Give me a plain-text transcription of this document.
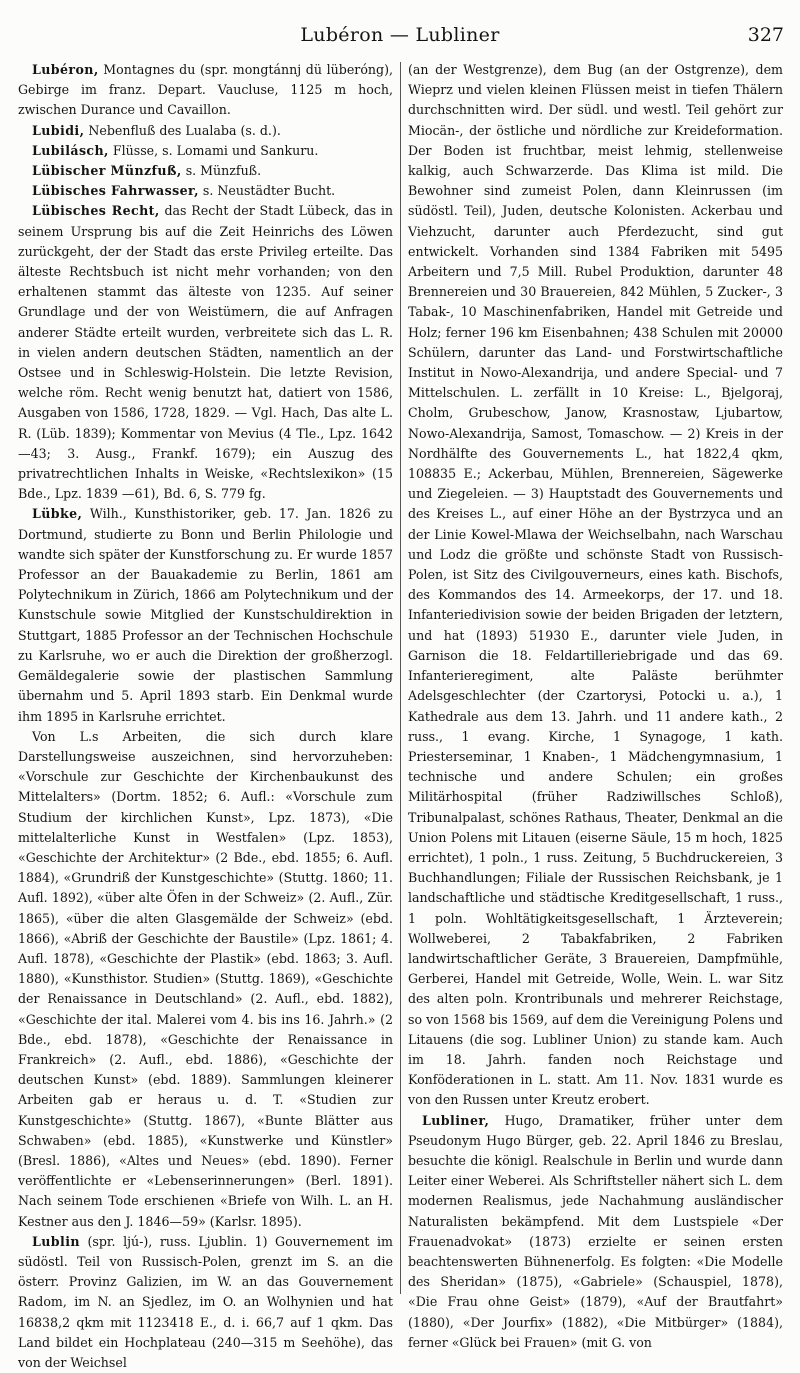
Lubéron — Lubliner	327

Lubéron, Montagnes du (spr. mongtánnj dü lüberóng), Gebirge im franz. Depart. Vaucluse, 1125 m hoch, zwischen Durance und Cavaillon.

Lubidi, Nebenfluß des Lualaba (s. d.).

Lubilásch, Flüsse, s. Lomami und Sankuru.

Lübischer Münzfuß, s. Münzfuß.

Lübisches Fahrwasser, s. Neustädter Bucht.

Lübisches Recht, das Recht der Stadt Lübeck, das in seinem Ursprung bis auf die Zeit Heinrichs des Löwen zurückgeht, der der Stadt das erste Privileg erteilte. Das älteste Rechtsbuch ist nicht mehr vorhanden; von den erhaltenen stammt das älteste von 1235. Auf seiner Grundlage und der von Weistümern, die auf Anfragen anderer Städte erteilt wurden, verbreitete sich das L. R. in vielen andern deutschen Städten, namentlich an der Ostsee und in Schleswig-Holstein. Die letzte Revision, welche röm. Recht wenig benutzt hat, datiert von 1586, Ausgaben von 1586, 1728, 1829. — Vgl. Hach, Das alte L. R. (Lüb. 1839); Kommentar von Mevius (4 Tle., Lpz. 1642—43; 3. Ausg., Frankf. 1679); ein Auszug des privatrechtlichen Inhalts in Weiske, «Rechtslexikon» (15 Bde., Lpz. 1839 —61), Bd. 6, S. 779 fg.

Lübke, Wilh., Kunsthistoriker, geb. 17. Jan. 1826 zu Dortmund, studierte zu Bonn und Berlin Philologie und wandte sich später der Kunstforschung zu. Er wurde 1857 Professor an der Bauakademie zu Berlin, 1861 am Polytechnikum in Zürich, 1866 am Polytechnikum und der Kunstschule sowie Mitglied der Kunstschuldirektion in Stuttgart, 1885 Professor an der Technischen Hochschule zu Karlsruhe, wo er auch die Direktion der großherzogl. Gemäldegalerie sowie der plastischen Sammlung übernahm und 5. April 1893 starb. Ein Denkmal wurde ihm 1895 in Karlsruhe errichtet.

Von L.s Arbeiten, die sich durch klare Darstellungsweise auszeichnen, sind hervorzuheben: «Vorschule zur Geschichte der Kirchenbaukunst des Mittelalters» (Dortm. 1852; 6. Aufl.: «Vorschule zum Studium der kirchlichen Kunst», Lpz. 1873), «Die mittelalterliche Kunst in Westfalen» (Lpz. 1853), «Geschichte der Architektur» (2 Bde., ebd. 1855; 6. Aufl. 1884), «Grundriß der Kunstgeschichte» (Stuttg. 1860; 11. Aufl. 1892), «über alte Öfen in der Schweiz» (2. Aufl., Zür. 1865), «über die alten Glasgemälde der Schweiz» (ebd. 1866), «Abriß der Geschichte der Baustile» (Lpz. 1861; 4. Aufl. 1878), «Geschichte der Plastik» (ebd. 1863; 3. Aufl. 1880), «Kunsthistor. Studien» (Stuttg. 1869), «Geschichte der Renaissance in Deutschland» (2. Aufl., ebd. 1882), «Geschichte der ital. Malerei vom 4. bis ins 16. Jahrh.» (2 Bde., ebd. 1878), «Geschichte der Renaissance in Frankreich» (2. Aufl., ebd. 1886), «Geschichte der deutschen Kunst» (ebd. 1889). Sammlungen kleinerer Arbeiten gab er heraus u. d. T. «Studien zur Kunstgeschichte» (Stuttg. 1867), «Bunte Blätter aus Schwaben» (ebd. 1885), «Kunstwerke und Künstler» (Bresl. 1886), «Altes und Neues» (ebd. 1890). Ferner veröffentlichte er «Lebenserinnerungen» (Berl. 1891). Nach seinem Tode erschienen «Briefe von Wilh. L. an H. Kestner aus den J. 1846—59» (Karlsr. 1895).

Lublin (spr. ljú-), russ. Ljublin. 1) Gouvernement im südöstl. Teil von Russisch-Polen, grenzt im S. an die österr. Provinz Galizien, im W. an das Gouvernement Radom, im N. an Sjedlez, im O. an Wolhynien und hat 16838,2 qkm mit 1123418 E., d. i. 66,7 auf 1 qkm. Das Land bildet ein Hochplateau (240—315 m Seehöhe), das von der Weichsel

(an der Westgrenze), dem Bug (an der Ostgrenze), dem Wieprz und vielen kleinen Flüssen meist in tiefen Thälern durchschnitten wird. Der südl. und westl. Teil gehört zur Miocän-, der östliche und nördliche zur Kreideformation. Der Boden ist fruchtbar, meist lehmig, stellenweise kalkig, auch Schwarzerde. Das Klima ist mild. Die Bewohner sind zumeist Polen, dann Kleinrussen (im südöstl. Teil), Juden, deutsche Kolonisten. Ackerbau und Viehzucht, darunter auch Pferdezucht, sind gut entwickelt. Vorhanden sind 1384 Fabriken mit 5495 Arbeitern und 7,5 Mill. Rubel Produktion, darunter 48 Brennereien und 30 Brauereien, 842 Mühlen, 5 Zucker-, 3 Tabak-, 10 Maschinenfabriken, Handel mit Getreide und Holz; ferner 196 km Eisenbahnen; 438 Schulen mit 20000 Schülern, darunter das Land- und Forstwirtschaftliche Institut in Nowo-Alexandrija, und andere Special- und 7 Mittelschulen. L. zerfällt in 10 Kreise: L., Bjelgoraj, Cholm, Grubeschow, Janow, Krasnostaw, Ljubartow, Nowo-Alexandrija, Samost, Tomaschow. — 2) Kreis in der Nordhälfte des Gouvernements L., hat 1822,4 qkm, 108835 E.; Ackerbau, Mühlen, Brennereien, Sägewerke und Ziegeleien. — 3) Hauptstadt des Gouvernements und des Kreises L., auf einer Höhe an der Bystrzyca und an der Linie Kowel-Mlawa der Weichselbahn, nach Warschau und Lodz die größte und schönste Stadt von Russisch-Polen, ist Sitz des Civilgouverneurs, eines kath. Bischofs, des Kommandos des 14. Armeekorps, der 17. und 18. Infanteriedivision sowie der beiden Brigaden der letztern, und hat (1893) 51930 E., darunter viele Juden, in Garnison die 18. Feldartilleriebrigade und das 69. Infanterieregiment, alte Paläste berühmter Adelsgeschlechter (der Czartorysi, Potocki u. a.), 1 Kathedrale aus dem 13. Jahrh. und 11 andere kath., 2 russ., 1 evang. Kirche, 1 Synagoge, 1 kath. Priesterseminar, 1 Knaben-, 1 Mädchengymnasium, 1 technische und andere Schulen; ein großes Militärhospital (früher Radziwillsches Schloß), Tribunalpalast, schönes Rathaus, Theater, Denkmal an die Union Polens mit Litauen (eiserne Säule, 15 m hoch, 1825 errichtet), 1 poln., 1 russ. Zeitung, 5 Buchdruckereien, 3 Buchhandlungen; Filiale der Russischen Reichsbank, je 1 landschaftliche und städtische Kreditgesellschaft, 1 russ., 1 poln. Wohltätigkeitsgesellschaft, 1 Ärzteverein; Wollweberei, 2 Tabakfabriken, 2 Fabriken landwirtschaftlicher Geräte, 3 Brauereien, Dampfmühle, Gerberei, Handel mit Getreide, Wolle, Wein. L. war Sitz des alten poln. Krontribunals und mehrerer Reichstage, so von 1568 bis 1569, auf dem die Vereinigung Polens und Litauens (die sog. Lubliner Union) zu stande kam. Auch im 18. Jahrh. fanden noch Reichstage und Konföderationen in L. statt. Am 11. Nov. 1831 wurde es von den Russen unter Kreutz erobert.

Lubliner, Hugo, Dramatiker, früher unter dem Pseudonym Hugo Bürger, geb. 22. April 1846 zu Breslau, besuchte die königl. Realschule in Berlin und wurde dann Leiter einer Weberei. Als Schriftsteller nähert sich L. dem modernen Realismus, jede Nachahmung ausländischer Naturalisten bekämpfend. Mit dem Lustspiele «Der Frauenadvokat» (1873) erzielte er seinen ersten beachtenswerten Bühnenerfolg. Es folgten: «Die Modelle des Sheridan» (1875), «Gabriele» (Schauspiel, 1878), «Die Frau ohne Geist» (1879), «Auf der Brautfahrt» (1880), «Der Jourfix» (1882), «Die Mitbürger» (1884), ferner «Glück bei Frauen» (mit G. von
